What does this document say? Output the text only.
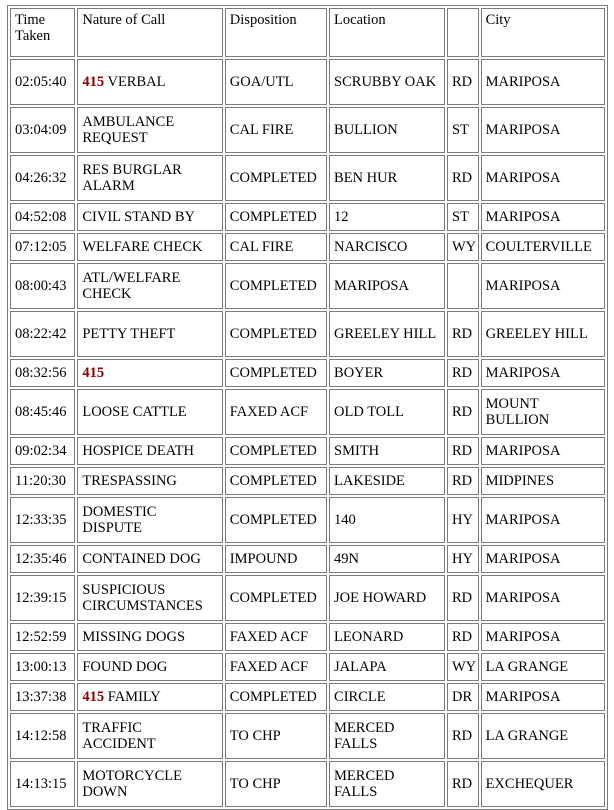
Time Taken	Nature of Call	Disposition	Location		City
02:05:40	415 VERBAL	GOA/UTL	SCRUBBY OAK	RD	MARIPOSA
03:04:09	AMBULANCE REQUEST	CAL FIRE	BULLION	ST	MARIPOSA
04:26:32	RES BURGLAR ALARM	COMPLETED	BEN HUR	RD	MARIPOSA
04:52:08	CIVIL STAND BY	COMPLETED	12	ST	MARIPOSA
07:12:05	WELFARE CHECK	CAL FIRE	NARCISCO	WY	COULTERVILLE
08:00:43	ATL/WELFARE CHECK	COMPLETED	MARIPOSA		MARIPOSA
08:22:42	PETTY THEFT	COMPLETED	GREELEY HILL	RD	GREELEY HILL
08:32:56	415	COMPLETED	BOYER	RD	MARIPOSA
08:45:46	LOOSE CATTLE	FAXED ACF	OLD TOLL	RD	MOUNT BULLION
09:02:34	HOSPICE DEATH	COMPLETED	SMITH	RD	MARIPOSA
11:20:30	TRESPASSING	COMPLETED	LAKESIDE	RD	MIDPINES
12:33:35	DOMESTIC DISPUTE	COMPLETED	140	HY	MARIPOSA
12:35:46	CONTAINED DOG	IMPOUND	49N	HY	MARIPOSA
12:39:15	SUSPICIOUS CIRCUMSTANCES	COMPLETED	JOE HOWARD	RD	MARIPOSA
12:52:59	MISSING DOGS	FAXED ACF	LEONARD	RD	MARIPOSA
13:00:13	FOUND DOG	FAXED ACF	JALAPA	WY	LA GRANGE
13:37:38	415 FAMILY	COMPLETED	CIRCLE	DR	MARIPOSA
14:12:58	TRAFFIC ACCIDENT	TO CHP	MERCED FALLS	RD	LA GRANGE
14:13:15	MOTORCYCLE DOWN	TO CHP	MERCED FALLS	RD	EXCHEQUER
